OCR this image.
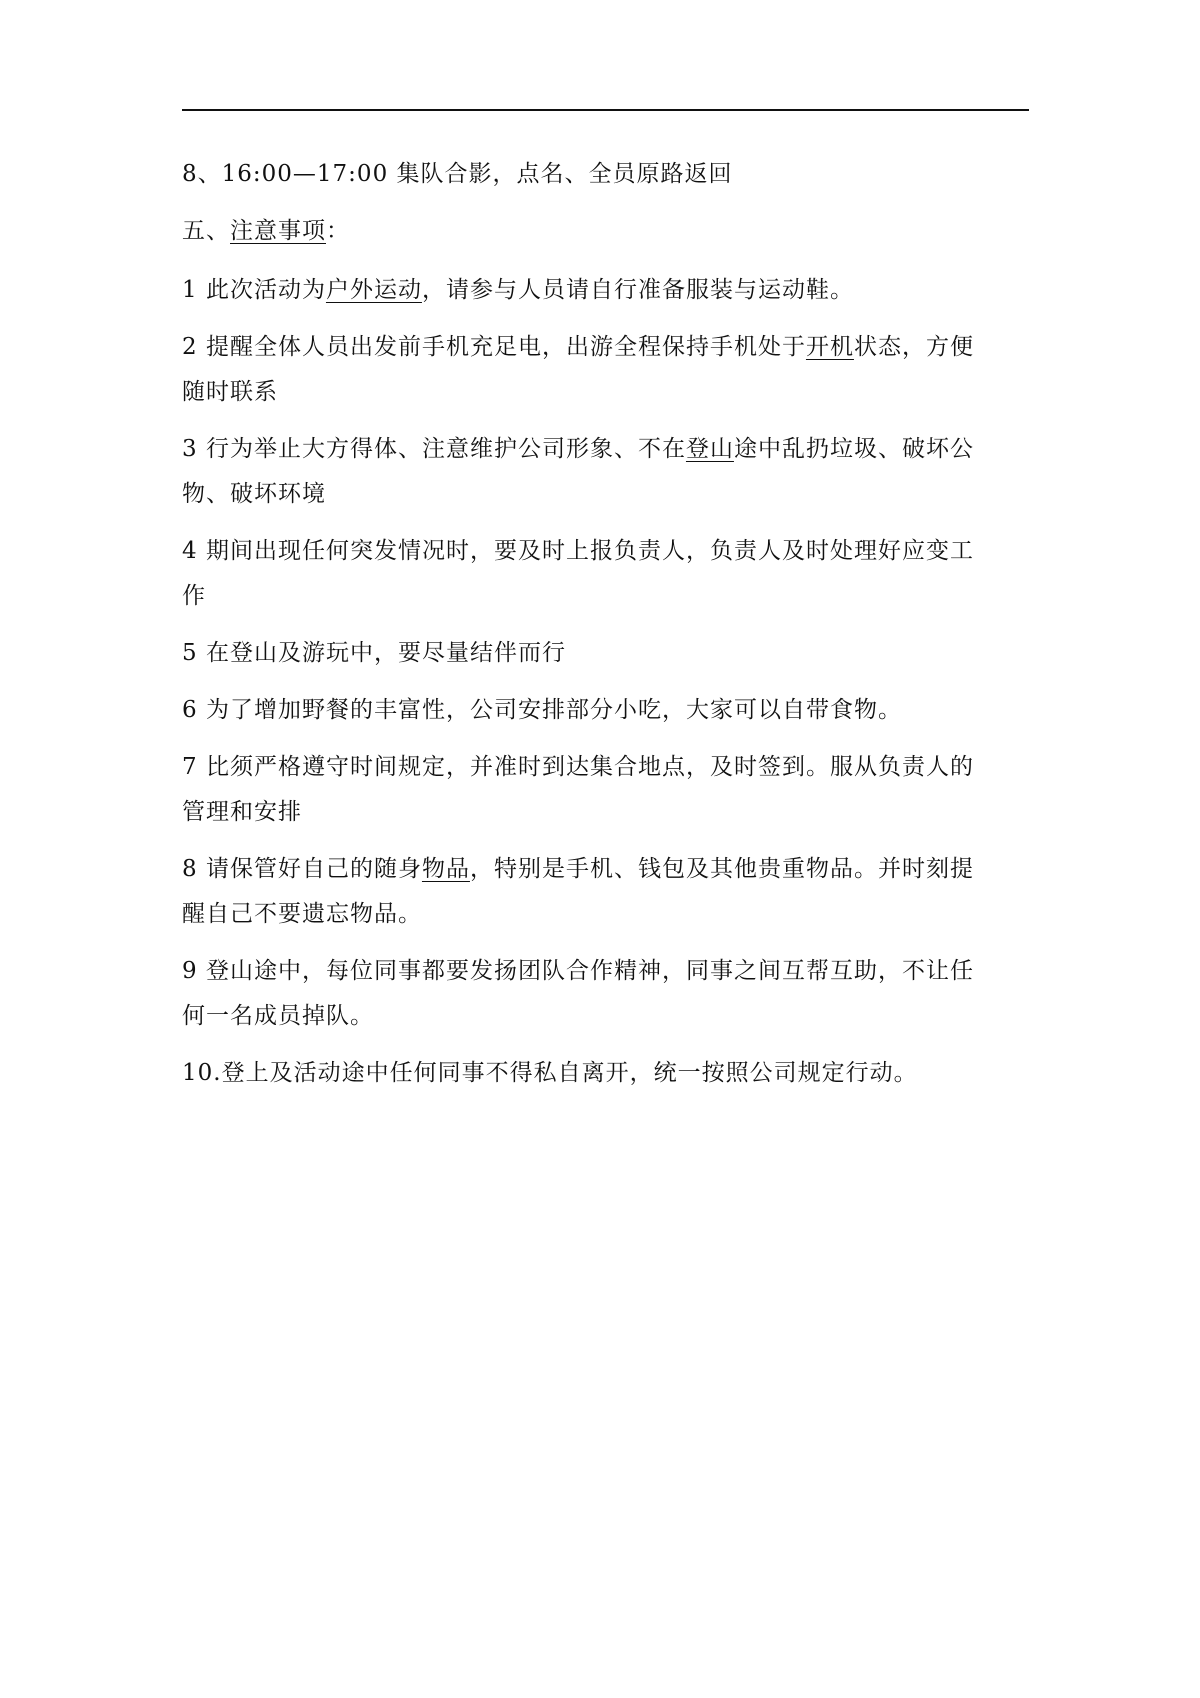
8、16:00—17:00 集队合影，点名、全员原路返回

五、注意事项：

1 此次活动为户外运动，请参与人员请自行准备服装与运动鞋。

2 提醒全体人员出发前手机充足电，出游全程保持手机处于开机状态，方便随时联系

3 行为举止大方得体、注意维护公司形象、不在登山途中乱扔垃圾、破坏公物、破坏环境

4 期间出现任何突发情况时，要及时上报负责人，负责人及时处理好应变工作

5 在登山及游玩中，要尽量结伴而行

6 为了增加野餐的丰富性，公司安排部分小吃，大家可以自带食物。

7 比须严格遵守时间规定，并准时到达集合地点，及时签到。服从负责人的管理和安排

8 请保管好自己的随身物品，特别是手机、钱包及其他贵重物品。并时刻提醒自己不要遗忘物品。

9 登山途中，每位同事都要发扬团队合作精神，同事之间互帮互助，不让任何一名成员掉队。

10.登上及活动途中任何同事不得私自离开，统一按照公司规定行动。
